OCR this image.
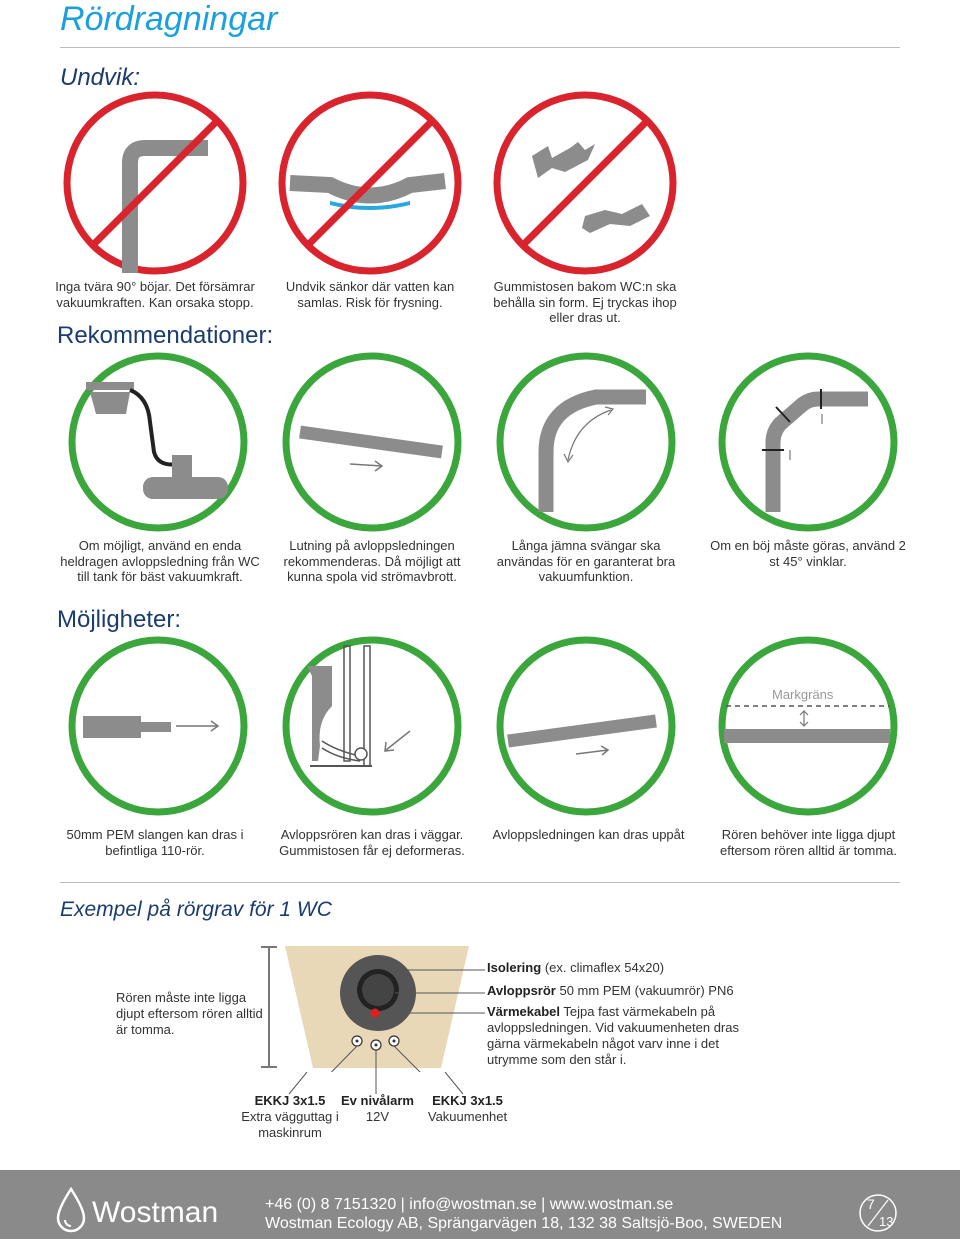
Rördragningar
Undvik:
Inga tvära 90° böjar. Det försämrar vakuumkraften. Kan orsaka stopp.
Undvik sänkor där vatten kan samlas. Risk för frysning.
Gummistosen bakom WC:n ska behålla sin form. Ej tryckas ihop eller dras ut.
Rekommendationer:
Om möjligt, använd en enda heldragen avloppsledning från WC till tank för bäst vakuumkraft.
Lutning på avloppsledningen rekommenderas. Då möjligt att kunna spola vid strömavbrott.
Långa jämna svängar ska användas för en garanterat bra vakuumfunktion.
Om en böj måste göras, använd 2 st 45° vinklar.
Möjligheter:
Markgräns
50mm PEM slangen kan dras i befintliga 110-rör.
Avloppsrören kan dras i väggar. Gummistosen får ej deformeras.
Avloppsledningen kan dras uppåt	Rören behöver inte ligga djupt eftersom rören alltid är tomma.
Exempel på rörgrav för 1 WC
Rören måste inte ligga djupt eftersom rören alltid är tomma.
Isolering (ex. climaflex 54x20)
Avloppsrör 50 mm PEM (vakuumrör) PN6
Värmekabel Tejpa fast värmekabeln på avloppsledningen. Vid vakuumenheten dras gärna värmekabeln något varv inne i det utrymme som den står i.
EKKJ 3x1.5
Extra vägguttag i maskinrum
Ev nivålarm
12V
EKKJ 3x1.5
Vakuumenhet
Wostman	+46 (0) 8 7151320 | info@wostman.se | www.wostman.se
Wostman Ecology AB, Sprängarvägen 18, 132 38 Saltsjö-Boo, SWEDEN
7
13
